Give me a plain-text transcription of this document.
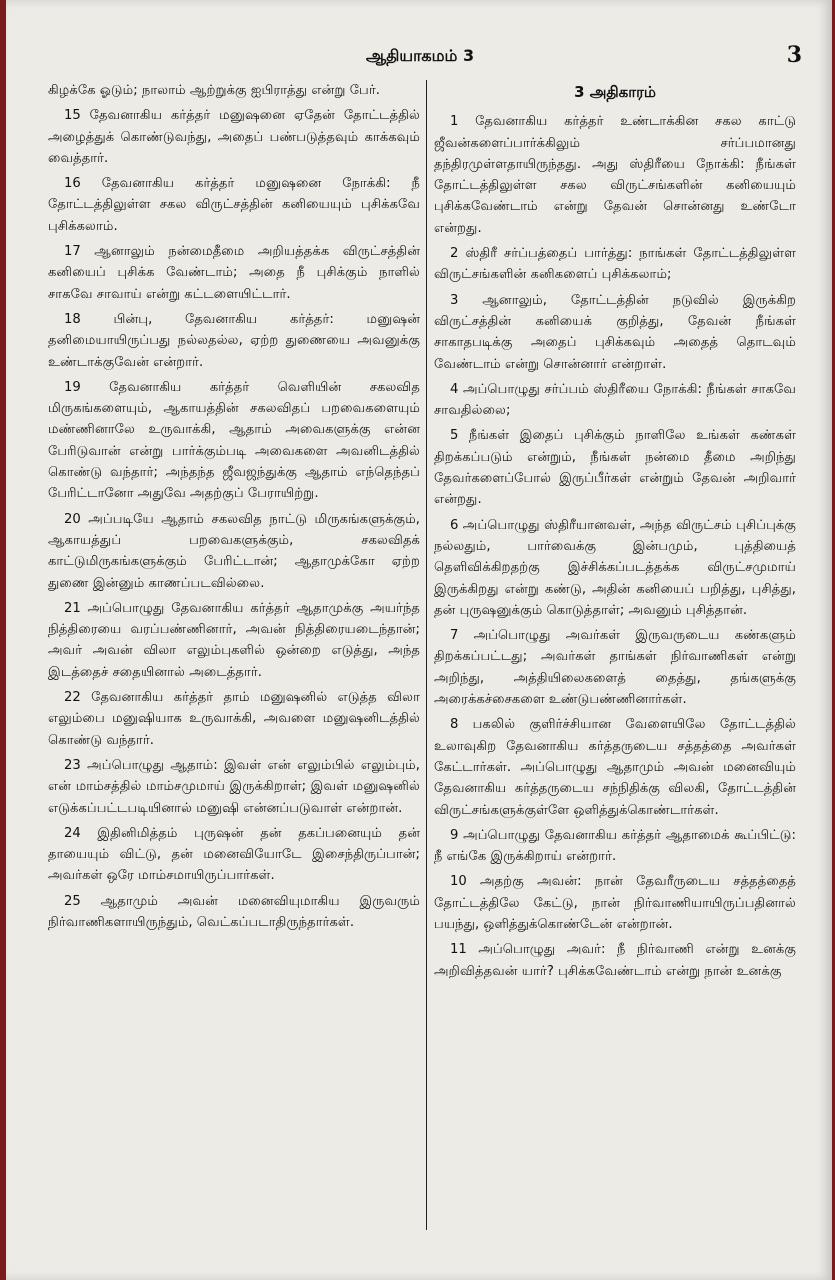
ஆதியாகமம் 3	3

கிழக்கே ஓடும்; நாலாம் ஆற்றுக்கு ஐபிராத்து என்று பேர்.

15 தேவனாகிய கர்த்தர் மனுஷனை ஏதேன் தோட்டத்தில் அழைத்துக் கொண்டுவந்து, அதைப் பண்படுத்தவும் காக்கவும் வைத்தார்.

16 தேவனாகிய கர்த்தர் மனுஷனை நோக்கி: நீ தோட்டத்திலுள்ள சகல விருட்சத்தின் கனியையும் புசிக்கவே புசிக்கலாம்.

17 ஆனாலும் நன்மைதீமை அறியத்தக்க விருட்சத்தின் கனியைப் புசிக்க வேண்டாம்; அதை நீ புசிக்கும் நாளில் சாகவே சாவாய் என்று கட்டளையிட்டார்.

18 பின்பு, தேவனாகிய கர்த்தர்: மனுஷன் தனிமையாயிருப்பது நல்லதல்ல, ஏற்ற துணையை அவனுக்கு உண்டாக்குவேன் என்றார்.

19 தேவனாகிய கர்த்தர் வெளியின் சகலவித மிருகங்களையும், ஆகாயத்தின் சகலவிதப் பறவைகளையும் மண்ணினாலே உருவாக்கி, ஆதாம் அவைகளுக்கு என்ன பேரிடுவான் என்று பார்க்கும்படி அவைகளை அவனிடத்தில் கொண்டு வந்தார்; அந்தந்த ஜீவஜந்துக்கு ஆதாம் எந்தெந்தப் பேரிட்டானோ அதுவே அதற்குப் பேராயிற்று.

20 அப்படியே ஆதாம் சகலவித நாட்டு மிருகங்களுக்கும், ஆகாயத்துப் பறவைகளுக்கும், சகலவிதக் காட்டுமிருகங்களுக்கும் பேரிட்டான்; ஆதாமுக்கோ ஏற்ற துணை இன்னும் காணப்படவில்லை.

21 அப்பொழுது தேவனாகிய கர்த்தர் ஆதாமுக்கு அயர்ந்த நித்திரையை வரப்பண்ணினார், அவன் நித்திரையடைந்தான்; அவர் அவன் விலா எலும்புகளில் ஒன்றை எடுத்து, அந்த இடத்தைச் சதையினால் அடைத்தார்.

22 தேவனாகிய கர்த்தர் தாம் மனுஷனில் எடுத்த விலா எலும்பை மனுஷியாக உருவாக்கி, அவளை மனுஷனிடத்தில் கொண்டு வந்தார்.

23 அப்பொழுது ஆதாம்: இவள் என் எலும்பில் எலும்பும், என் மாம்சத்தில் மாம்சமுமாய் இருக்கிறாள்; இவள் மனுஷனில் எடுக்கப்பட்டபடியினால் மனுஷி என்னப்படுவாள் என்றான்.

24 இதினிமித்தம் புருஷன் தன் தகப்பனையும் தன் தாயையும் விட்டு, தன் மனைவியோடே இசைந்திருப்பான்; அவர்கள் ஒரே மாம்சமாயிருப்பார்கள்.

25 ஆதாமும் அவன் மனைவியுமாகிய இருவரும் நிர்வாணிகளாயிருந்தும், வெட்கப்படாதிருந்தார்கள்.

3 அதிகாரம்

1 தேவனாகிய கர்த்தர் உண்டாக்கின சகல காட்டு ஜீவன்களைப்பார்க்கிலும் சர்ப்பமானது தந்திரமுள்ளதாயிருந்தது. அது ஸ்திரீயை நோக்கி: நீங்கள் தோட்டத்திலுள்ள சகல விருட்சங்களின் கனியையும் புசிக்கவேண்டாம் என்று தேவன் சொன்னது உண்டோ என்றது.

2 ஸ்திரீ சர்ப்பத்தைப் பார்த்து: நாங்கள் தோட்டத்திலுள்ள விருட்சங்களின் கனிகளைப் புசிக்கலாம்;

3 ஆனாலும், தோட்டத்தின் நடுவில் இருக்கிற விருட்சத்தின் கனியைக் குறித்து, தேவன் நீங்கள் சாகாதபடிக்கு அதைப் புசிக்கவும் அதைத் தொடவும் வேண்டாம் என்று சொன்னார் என்றாள்.

4 அப்பொழுது சர்ப்பம் ஸ்திரீயை நோக்கி: நீங்கள் சாகவே சாவதில்லை;

5 நீங்கள் இதைப் புசிக்கும் நாளிலே உங்கள் கண்கள் திறக்கப்படும் என்றும், நீங்கள் நன்மை தீமை அறிந்து தேவர்களைப்போல் இருப்பீர்கள் என்றும் தேவன் அறிவார் என்றது.

6 அப்பொழுது ஸ்திரீயானவள், அந்த விருட்சம் புசிப்புக்கு நல்லதும், பார்வைக்கு இன்பமும், புத்தியைத் தெளிவிக்கிறதற்கு இச்சிக்கப்படத்தக்க விருட்சமுமாய் இருக்கிறது என்று கண்டு, அதின் கனியைப் பறித்து, புசித்து, தன் புருஷனுக்கும் கொடுத்தாள்; அவனும் புசித்தான்.

7 அப்பொழுது அவர்கள் இருவருடைய கண்களும் திறக்கப்பட்டது; அவர்கள் தாங்கள் நிர்வாணிகள் என்று அறிந்து, அத்தியிலைகளைத் தைத்து, தங்களுக்கு அரைக்கச்சைகளை உண்டுபண்ணினார்கள்.

8 பகலில் குளிர்ச்சியான வேளையிலே தோட்டத்தில் உலாவுகிற தேவனாகிய கர்த்தருடைய சத்தத்தை அவர்கள் கேட்டார்கள். அப்பொழுது ஆதாமும் அவன் மனைவியும் தேவனாகிய கர்த்தருடைய சந்நிதிக்கு விலகி, தோட்டத்தின் விருட்சங்களுக்குள்ளே ஒளித்துக்கொண்டார்கள்.

9 அப்பொழுது தேவனாகிய கர்த்தர் ஆதாமைக் கூப்பிட்டு: நீ எங்கே இருக்கிறாய் என்றார்.

10 அதற்கு அவன்: நான் தேவரீருடைய சத்தத்தைத் தோட்டத்திலே கேட்டு, நான் நிர்வாணியாயிருப்பதினால் பயந்து, ஒளித்துக்கொண்டேன் என்றான்.

11 அப்பொழுது அவர்: நீ நிர்வாணி என்று உனக்கு அறிவித்தவன் யார்? புசிக்கவேண்டாம் என்று நான் உனக்கு
